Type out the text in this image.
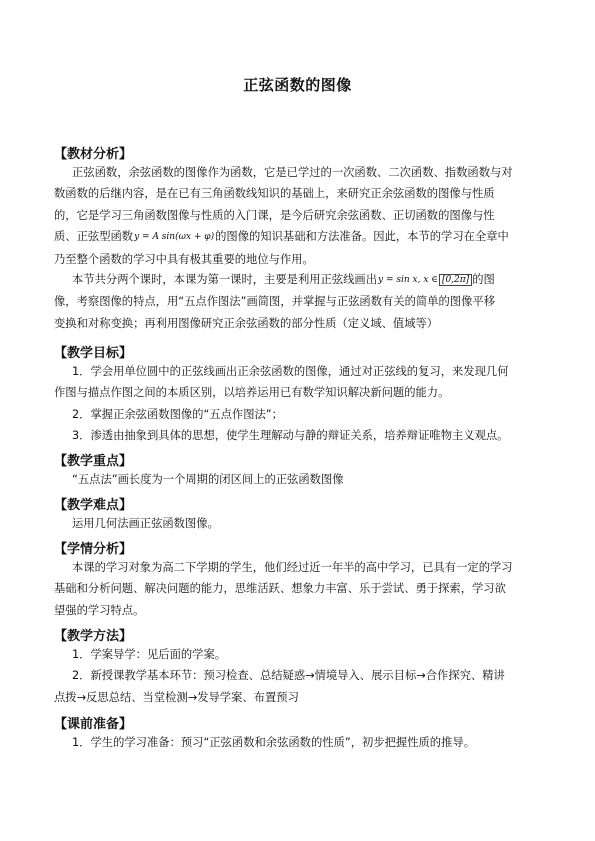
正弦函数的图像
【教材分析】
正弦函数，余弦函数的图像作为函数，它是已学过的一次函数、二次函数、指数函数与对
数函数的后继内容，是在已有三角函数线知识的基础上，来研究正余弦函数的图像与性质
的，它是学习三角函数图像与性质的入门课，是今后研究余弦函数、正切函数的图像与性
质、正弦型函数y = A sin(ωx + φ)的图像的知识基础和方法准备。因此，本节的学习在全章中
乃至整个函数的学习中具有极其重要的地位与作用。
本节共分两个课时，本课为第一课时，主要是利用正弦线画出y = sin x, x ∈ [0,2π] 的图
像，考察图像的特点，用“五点作图法”画简图，并掌握与正弦函数有关的简单的图像平移
变换和对称变换；再利用图像研究正余弦函数的部分性质（定义域、值域等）
【教学目标】
1．学会用单位圆中的正弦线画出正余弦函数的图像，通过对正弦线的复习，来发现几何
作图与描点作图之间的本质区别，以培养运用已有数学知识解决新问题的能力。
2．掌握正余弦函数图像的“五点作图法”；
3．渗透由抽象到具体的思想，使学生理解动与静的辩证关系，培养辩证唯物主义观点。
【教学重点】
“五点法”画长度为一个周期的闭区间上的正弦函数图像
【教学难点】
运用几何法画正弦函数图像。
【学情分析】
本课的学习对象为高二下学期的学生，他们经过近一年半的高中学习，已具有一定的学习
基础和分析问题、解决问题的能力，思维活跃、想象力丰富、乐于尝试、勇于探索，学习欲
望强的学习特点。
【教学方法】
1．学案导学：见后面的学案。
2．新授课教学基本环节：预习检查、总结疑惑→情境导入、展示目标→合作探究、精讲
点拨→反思总结、当堂检测→发导学案、布置预习
【课前准备】
1．学生的学习准备：预习“正弦函数和余弦函数的性质”，初步把握性质的推导。
